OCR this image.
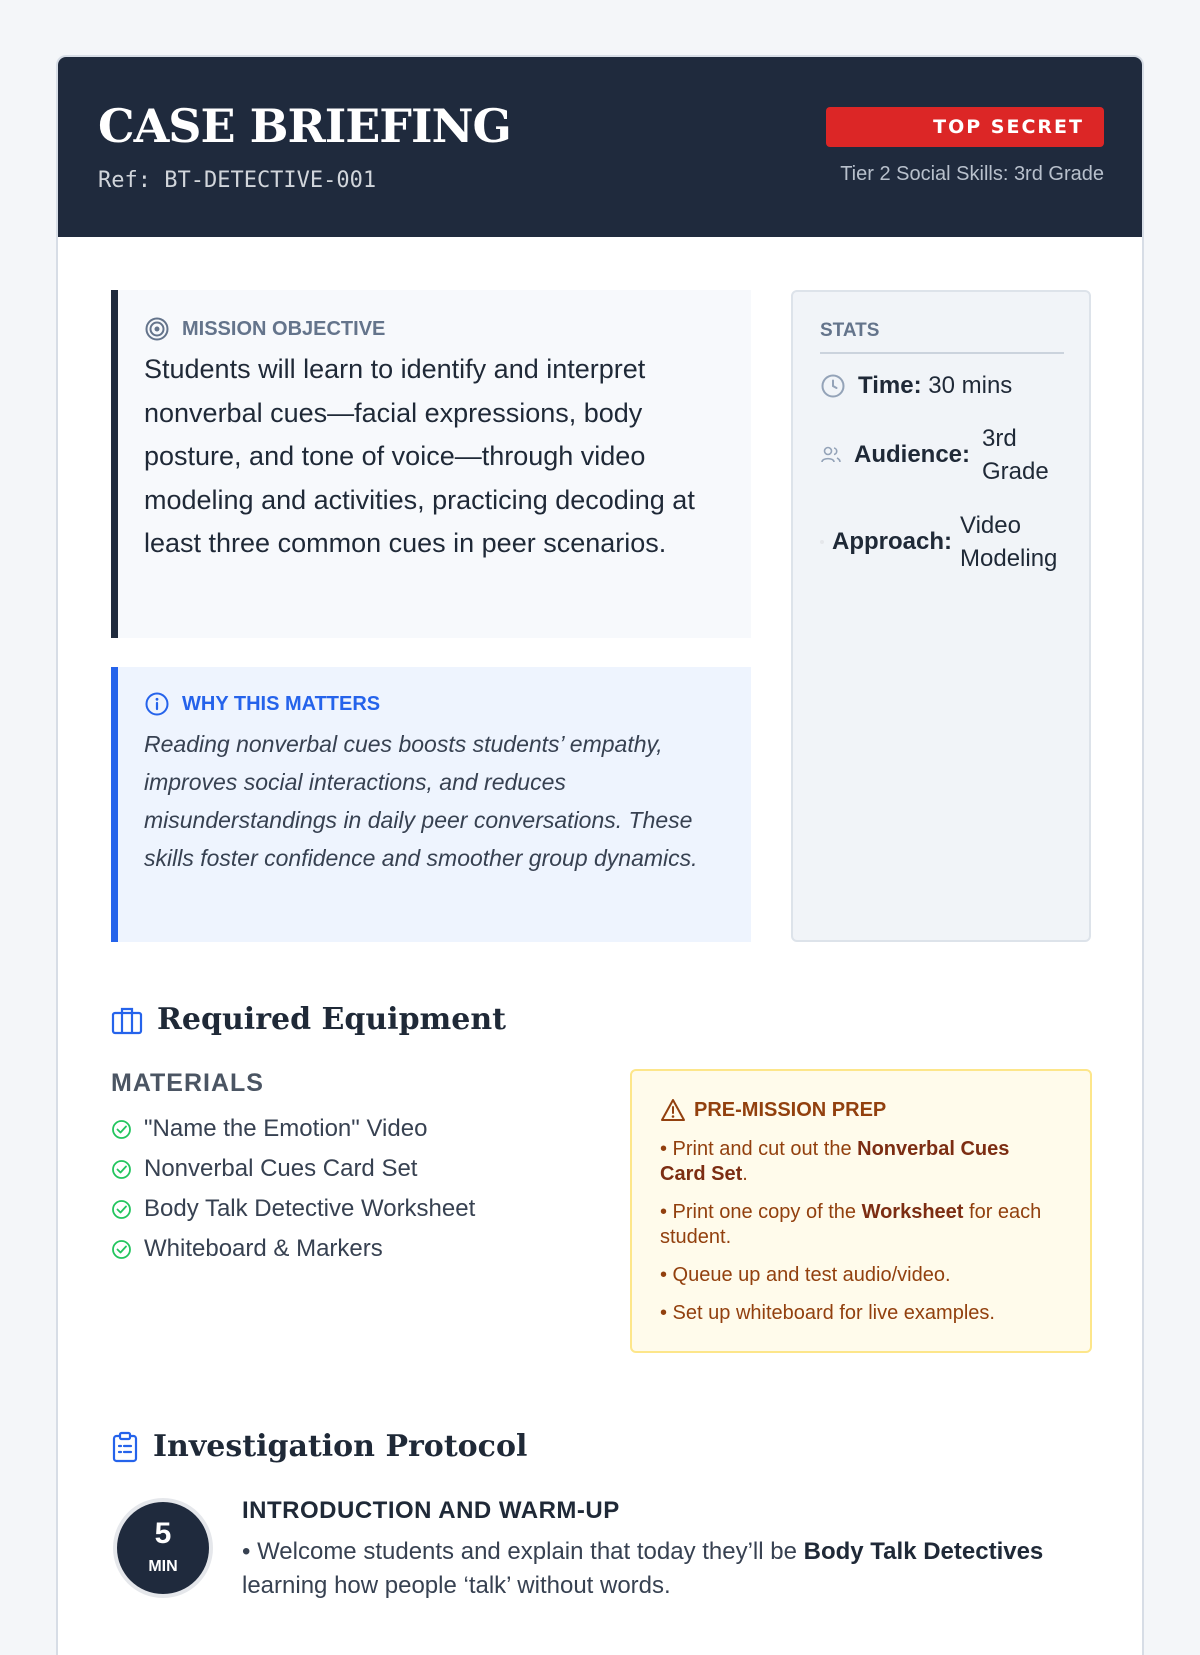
CASE BRIEFING
Ref: BT-DETECTIVE-001
TOP SECRET
Tier 2 Social Skills: 3rd Grade
MISSION OBJECTIVE
Students will learn to identify and interpret nonverbal cues—facial expressions, body posture, and tone of voice—through video modeling and activities, practicing decoding at least three common cues in peer scenarios.
WHY THIS MATTERS
Reading nonverbal cues boosts students’ empathy, improves social interactions, and reduces misunderstandings in daily peer conversations. These skills foster confidence and smoother group dynamics.
STATS
Time: 30 mins
Audience:
3rd Grade
Approach:
Video Modeling
Required Equipment
MATERIALS
"Name the Emotion" Video
Nonverbal Cues Card Set
Body Talk Detective Worksheet
Whiteboard & Markers
PRE-MISSION PREP
• Print and cut out the Nonverbal Cues Card Set.
• Print one copy of the Worksheet for each student.
• Queue up and test audio/video.
• Set up whiteboard for live examples.
Investigation Protocol
5
MIN
INTRODUCTION AND WARM-UP
• Welcome students and explain that today they’ll be Body Talk Detectives learning how people ‘talk’ without words.
